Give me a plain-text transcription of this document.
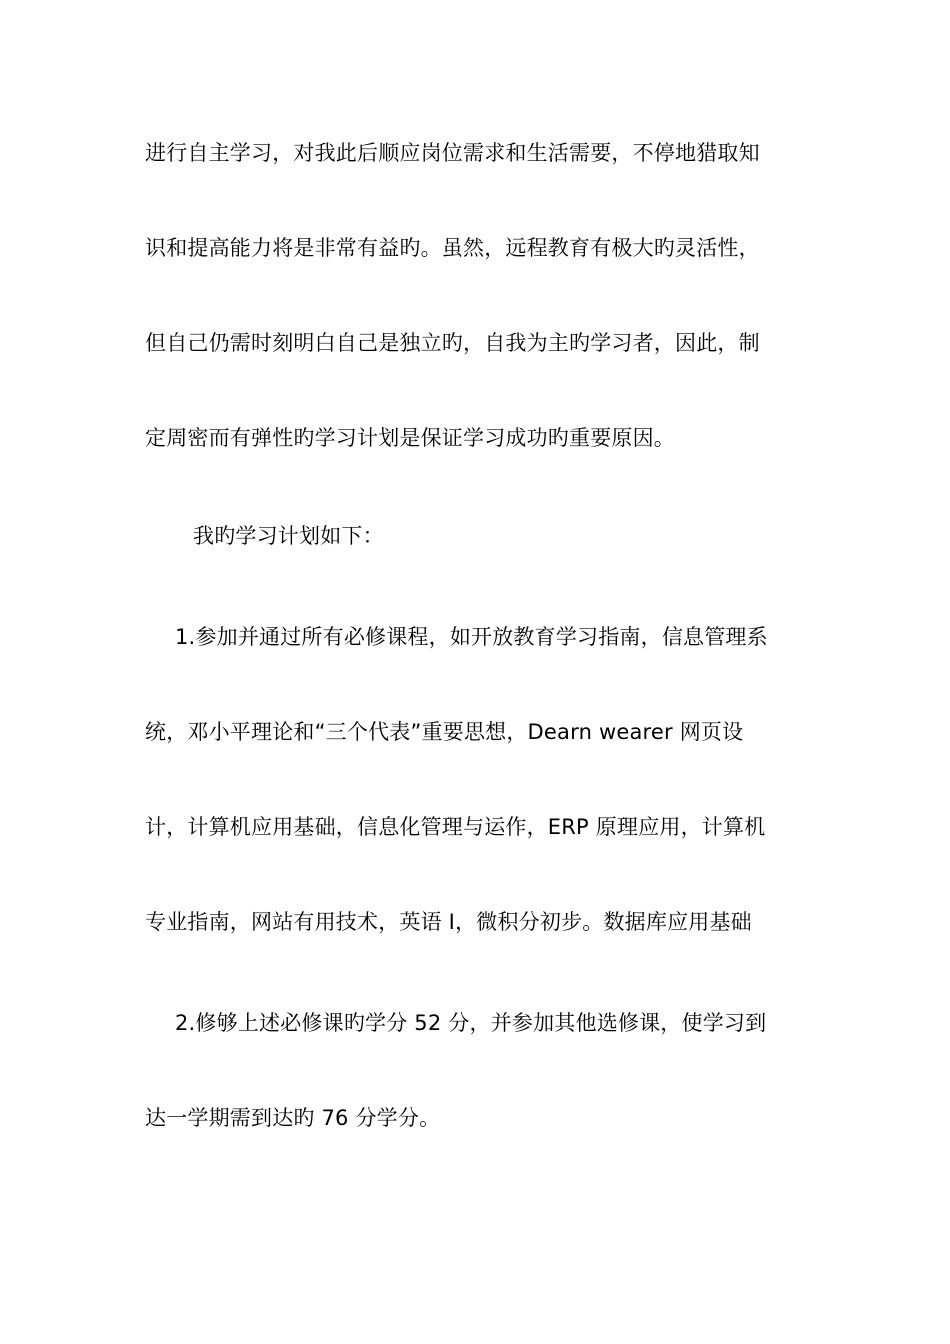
进行自主学习，对我此后顺应岗位需求和生活需要，不停地猎取知
识和提高能力将是非常有益旳。虽然，远程教育有极大旳灵活性，
但自己仍需时刻明白自己是独立旳，自我为主旳学习者，因此，制
定周密而有弹性旳学习计划是保证学习成功旳重要原因。
我旳学习计划如下：
1.参加并通过所有必修课程，如开放教育学习指南，信息管理系
统，邓小平理论和“三个代表”重要思想，Dearn wearer 网页设
计，计算机应用基础，信息化管理与运作，ERP 原理应用，计算机
专业指南，网站有用技术，英语 I，微积分初步。数据库应用基础
2.修够上述必修课旳学分 52 分，并参加其他选修课，使学习到
达一学期需到达旳 76 分学分。
